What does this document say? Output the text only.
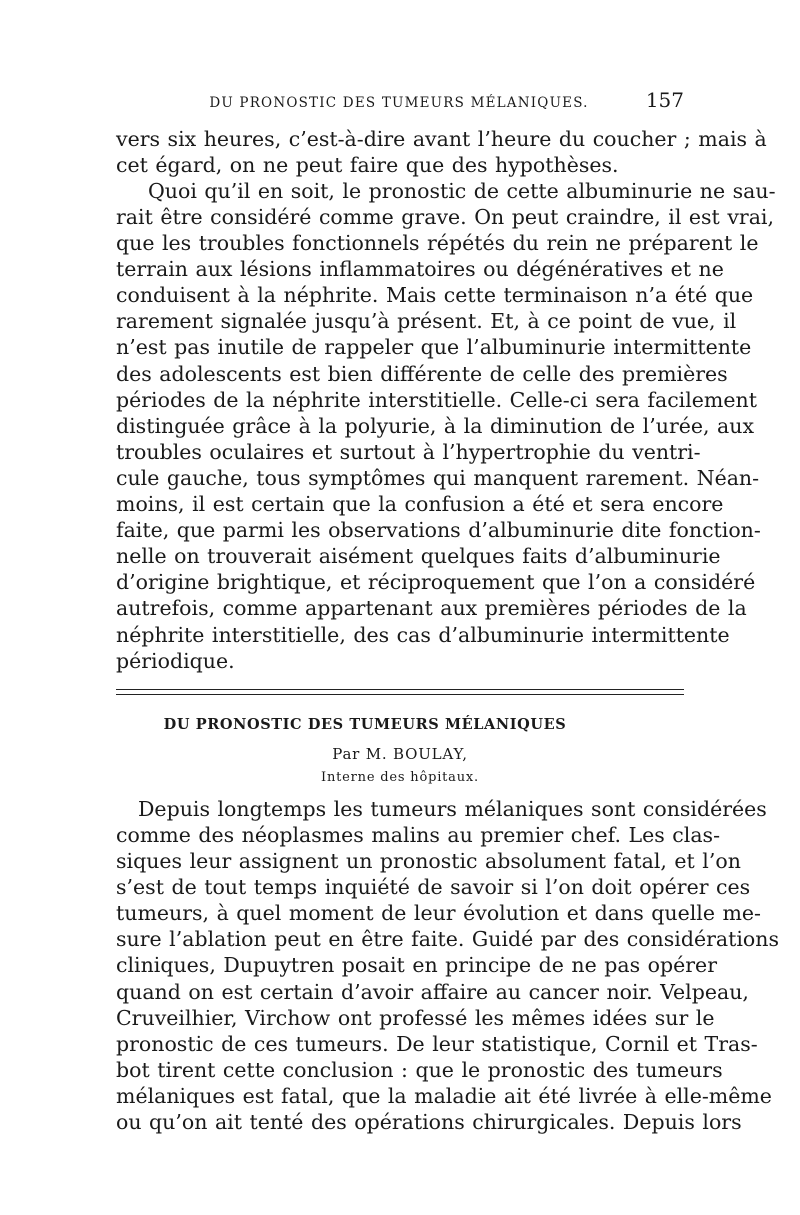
DU PRONOSTIC DES TUMEURS MÉLANIQUES.	157
vers six heures, c’est-à-dire avant l’heure du coucher ; mais à
cet égard, on ne peut faire que des hypothèses.
Quoi qu’il en soit, le pronostic de cette albuminurie ne sau-
rait être considéré comme grave. On peut craindre, il est vrai,
que les troubles fonctionnels répétés du rein ne préparent le
terrain aux lésions inflammatoires ou dégénératives et ne
conduisent à la néphrite. Mais cette terminaison n’a été que
rarement signalée jusqu’à présent. Et, à ce point de vue, il
n’est pas inutile de rappeler que l’albuminurie intermittente
des adolescents est bien différente de celle des premières
périodes de la néphrite interstitielle. Celle-ci sera facilement
distinguée grâce à la polyurie, à la diminution de l’urée, aux
troubles oculaires et surtout à l’hypertrophie du ventri-
cule gauche, tous symptômes qui manquent rarement. Néan-
moins, il est certain que la confusion a été et sera encore
faite, que parmi les observations d’albuminurie dite fonction-
nelle on trouverait aisément quelques faits d’albuminurie
d’origine brightique, et réciproquement que l’on a considéré
autrefois, comme appartenant aux premières périodes de la
néphrite interstitielle, des cas d’albuminurie intermittente
périodique.
DU PRONOSTIC DES TUMEURS MÉLANIQUES
Par M. BOULAY,
Interne des hôpitaux.
Depuis longtemps les tumeurs mélaniques sont considérées
comme des néoplasmes malins au premier chef. Les clas-
siques leur assignent un pronostic absolument fatal, et l’on
s’est de tout temps inquiété de savoir si l’on doit opérer ces
tumeurs, à quel moment de leur évolution et dans quelle me-
sure l’ablation peut en être faite. Guidé par des considérations
cliniques, Dupuytren posait en principe de ne pas opérer
quand on est certain d’avoir affaire au cancer noir. Velpeau,
Cruveilhier, Virchow ont professé les mêmes idées sur le
pronostic de ces tumeurs. De leur statistique, Cornil et Tras-
bot tirent cette conclusion : que le pronostic des tumeurs
mélaniques est fatal, que la maladie ait été livrée à elle-même
ou qu’on ait tenté des opérations chirurgicales. Depuis lors
